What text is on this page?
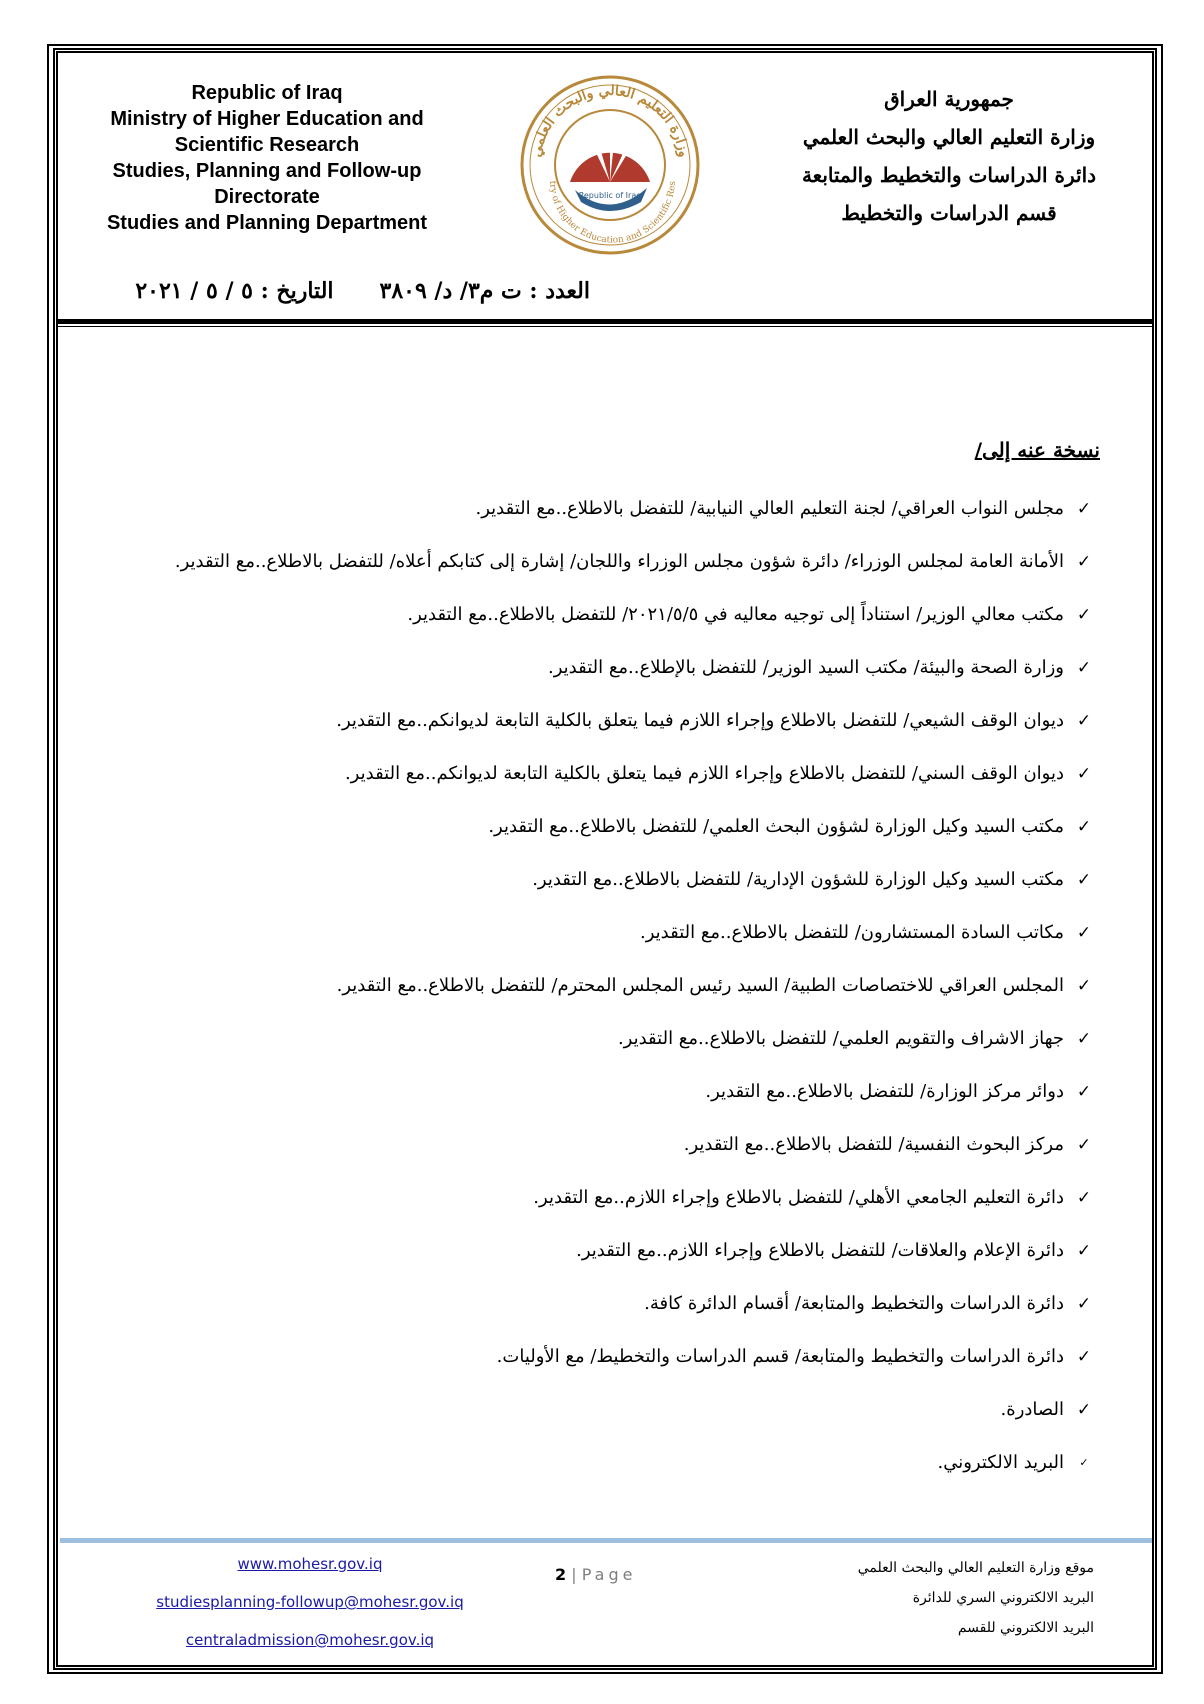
Republic of Iraq
Ministry of Higher Education and
Scientific Research
Studies, Planning and Follow-up
Directorate
Studies and Planning Department
وزارة التعليم العالي والبحث العلمي
try of Higher Education and Scientific Res
Republic of Iraq
جمهورية العراق
وزارة التعليم العالي والبحث العلمي
دائرة الدراسات والتخطيط والمتابعة
قسم الدراسات والتخطيط
العدد : ت م٣/ د/ ٣٨٠٩      التاريخ : ٥ / ٥ / ٢٠٢١
نسخة عنه إلى/
✓
مجلس النواب العراقي/ لجنة التعليم العالي النيابية/ للتفضل بالاطلاع..مع التقدير.
✓
الأمانة العامة لمجلس الوزراء/ دائرة شؤون مجلس الوزراء واللجان/ إشارة إلى كتابكم أعلاه/ للتفضل بالاطلاع..مع التقدير.
✓
مكتب معالي الوزير/ استناداً إلى توجيه معاليه في ٢٠٢١/٥/٥/ للتفضل بالاطلاع..مع التقدير.
✓
وزارة الصحة والبيئة/ مكتب السيد الوزير/ للتفضل بالإطلاع..مع التقدير.
✓
ديوان الوقف الشيعي/ للتفضل بالاطلاع وإجراء اللازم فيما يتعلق بالكلية التابعة لديوانكم..مع التقدير.
✓
ديوان الوقف السني/ للتفضل بالاطلاع وإجراء اللازم فيما يتعلق بالكلية التابعة لديوانكم..مع التقدير.
✓
مكتب السيد وكيل الوزارة لشؤون البحث العلمي/ للتفضل بالاطلاع..مع التقدير.
✓
مكتب السيد وكيل الوزارة للشؤون الإدارية/ للتفضل بالاطلاع..مع التقدير.
✓
مكاتب السادة المستشارون/ للتفضل بالاطلاع..مع التقدير.
✓
المجلس العراقي للاختصاصات الطبية/ السيد رئيس المجلس المحترم/ للتفضل بالاطلاع..مع التقدير.
✓
جهاز الاشراف والتقويم العلمي/ للتفضل بالاطلاع..مع التقدير.
✓
دوائر مركز الوزارة/ للتفضل بالاطلاع..مع التقدير.
✓
مركز البحوث النفسية/ للتفضل بالاطلاع..مع التقدير.
✓
دائرة التعليم الجامعي الأهلي/ للتفضل بالاطلاع وإجراء اللازم..مع التقدير.
✓
دائرة الإعلام والعلاقات/ للتفضل بالاطلاع وإجراء اللازم..مع التقدير.
✓
دائرة الدراسات والتخطيط والمتابعة/ أقسام الدائرة كافة.
✓
دائرة الدراسات والتخطيط والمتابعة/ قسم الدراسات والتخطيط/ مع الأوليات.
✓
الصادرة.
✓
البريد الالكتروني.
www.mohesr.gov.iq
studiesplanning-followup@mohesr.gov.iq
centraladmission@mohesr.gov.iq
2 | Page	موقع وزارة التعليم العالي والبحث العلمي
البريد الالكتروني السري للدائرة
البريد الالكتروني للقسم
